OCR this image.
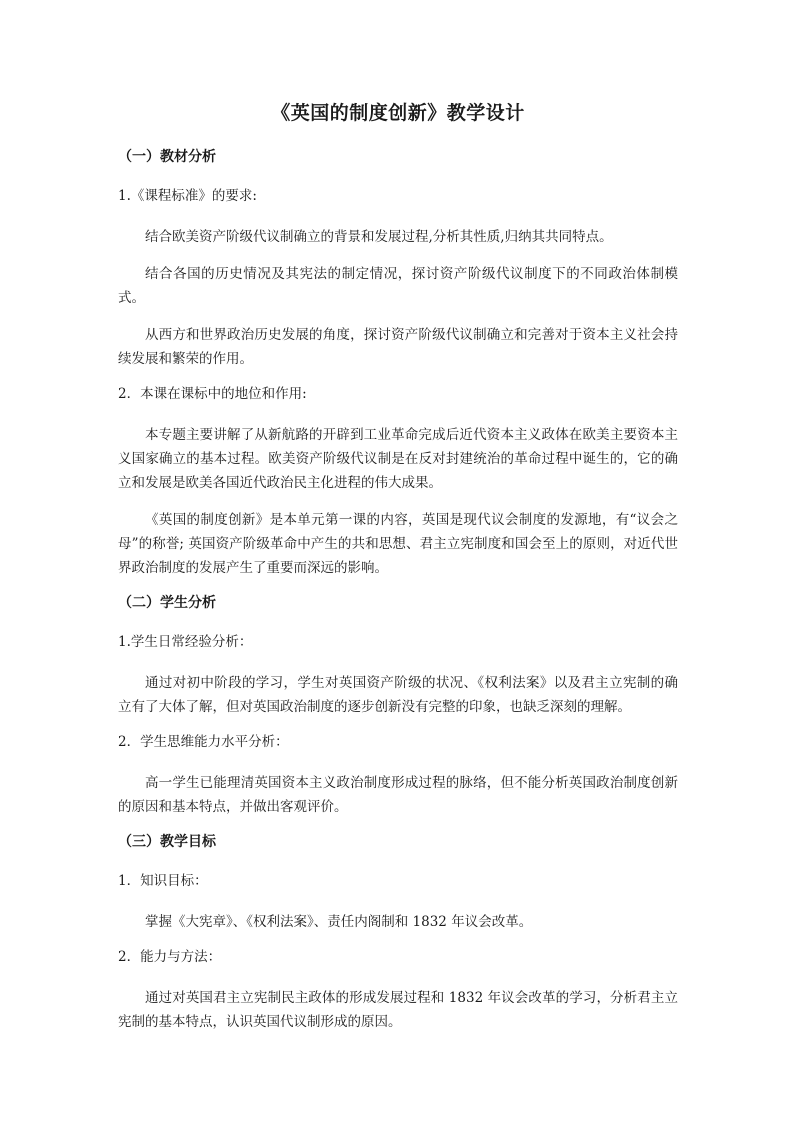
《英国的制度创新》教学设计
（一）教材分析
1.《课程标准》的要求:

结合欧美资产阶级代议制确立的背景和发展过程,分析其性质,归纳其共同特点。

结合各国的历史情况及其宪法的制定情况，探讨资产阶级代议制度下的不同政治体制模式。

从西方和世界政治历史发展的角度，探讨资产阶级代议制确立和完善对于资本主义社会持续发展和繁荣的作用。

2．本课在课标中的地位和作用:

本专题主要讲解了从新航路的开辟到工业革命完成后近代资本主义政体在欧美主要资本主义国家确立的基本过程。欧美资产阶级代议制是在反对封建统治的革命过程中诞生的，它的确立和发展是欧美各国近代政治民主化进程的伟大成果。

《英国的制度创新》是本单元第一课的内容，英国是现代议会制度的发源地，有“议会之母”的称誉; 英国资产阶级革命中产生的共和思想、君主立宪制度和国会至上的原则，对近代世界政治制度的发展产生了重要而深远的影响。

（二）学生分析
1.学生日常经验分析：

通过对初中阶段的学习，学生对英国资产阶级的状况、《权利法案》以及君主立宪制的确立有了大体了解，但对英国政治制度的逐步创新没有完整的印象，也缺乏深刻的理解。

2．学生思维能力水平分析：

高一学生已能理清英国资本主义政治制度形成过程的脉络，但不能分析英国政治制度创新的原因和基本特点，并做出客观评价。

（三）教学目标
1．知识目标：

掌握《大宪章》、《权利法案》、责任内阁制和 1832 年议会改革。

2．能力与方法：

通过对英国君主立宪制民主政体的形成发展过程和 1832 年议会改革的学习，分析君主立宪制的基本特点，认识英国代议制形成的原因。
